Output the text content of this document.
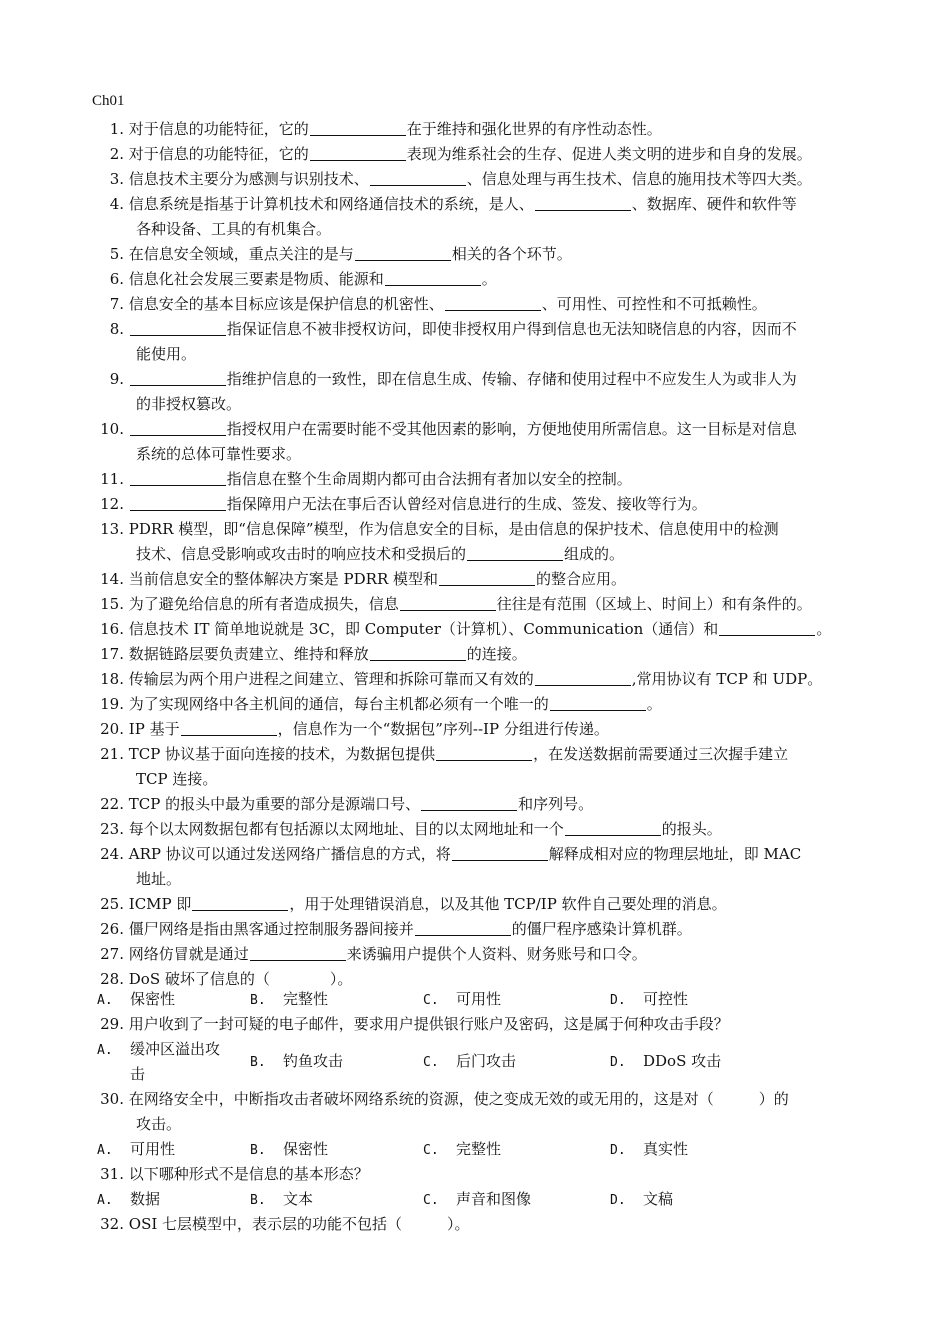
Ch01
1. 对于信息的功能特征，它的	在于维持和强化世界的有序性动态性。
2. 对于信息的功能特征，它的	表现为维系社会的生存、促进人类文明的进步和自身的发展。
3. 信息技术主要分为感测与识别技术、	、信息处理与再生技术、信息的施用技术等四大类。
4. 信息系统是指基于计算机技术和网络通信技术的系统，是人、	、数据库、硬件和软件等
各种设备、工具的有机集合。
5. 在信息安全领域，重点关注的是与	相关的各个环节。
6. 信息化社会发展三要素是物质、能源和	。
7. 信息安全的基本目标应该是保护信息的机密性、	、可用性、可控性和不可抵赖性。
8.	指保证信息不被非授权访问，即使非授权用户得到信息也无法知晓信息的内容，因而不
能使用。
9.	指维护信息的一致性，即在信息生成、传输、存储和使用过程中不应发生人为或非人为
的非授权篡改。
10.	指授权用户在需要时能不受其他因素的影响，方便地使用所需信息。这一目标是对信息
系统的总体可靠性要求。
11.	指信息在整个生命周期内都可由合法拥有者加以安全的控制。
12.	指保障用户无法在事后否认曾经对信息进行的生成、签发、接收等行为。
13. PDRR 模型，即“信息保障”模型，作为信息安全的目标，是由信息的保护技术、信息使用中的检测
技术、信息受影响或攻击时的响应技术和受损后的	组成的。
14. 当前信息安全的整体解决方案是 PDRR 模型和	的整合应用。
15. 为了避免给信息的所有者造成损失，信息	往往是有范围（区域上、时间上）和有条件的。
16. 信息技术 IT 简单地说就是 3C，即 Computer（计算机）、Communication（通信）和	。
17. 数据链路层要负责建立、维持和释放	的连接。
18. 传输层为两个用户进程之间建立、管理和拆除可靠而又有效的	,常用协议有 TCP 和 UDP。
19. 为了实现网络中各主机间的通信，每台主机都必须有一个唯一的	。
20. IP 基于	，信息作为一个“数据包”序列--IP 分组进行传递。
21. TCP 协议基于面向连接的技术，为数据包提供	，在发送数据前需要通过三次握手建立
TCP 连接。
22. TCP 的报头中最为重要的部分是源端口号、	和序列号。
23. 每个以太网数据包都有包括源以太网地址、目的以太网地址和一个	的报头。
24. ARP 协议可以通过发送网络广播信息的方式，将	解释成相对应的物理层地址，即 MAC
地址。
25. ICMP 即	，用于处理错误消息，以及其他 TCP/IP 软件自己要处理的消息。
26. 僵尸网络是指由黑客通过控制服务器间接并	的僵尸程序感染计算机群。
27. 网络仿冒就是通过	来诱骗用户提供个人资料、财务账号和口令。
28. DoS 破坏了信息的（　　　　）。
A. 保密性	B. 完整性	C. 可用性	D. 可控性
29. 用户收到了一封可疑的电子邮件，要求用户提供银行账户及密码，这是属于何种攻击手段？
A. 缓冲区溢出攻击
B. 钓鱼攻击	C. 后门攻击	D. DDoS 攻击
30. 在网络安全中，中断指攻击者破坏网络系统的资源，使之变成无效的或无用的，这是对（　　　）的
攻击。
A. 可用性	B. 保密性	C. 完整性	D. 真实性
31. 以下哪种形式不是信息的基本形态？
A. 数据	B. 文本	C. 声音和图像	D. 文稿
32. OSI 七层模型中，表示层的功能不包括（　　　）。
